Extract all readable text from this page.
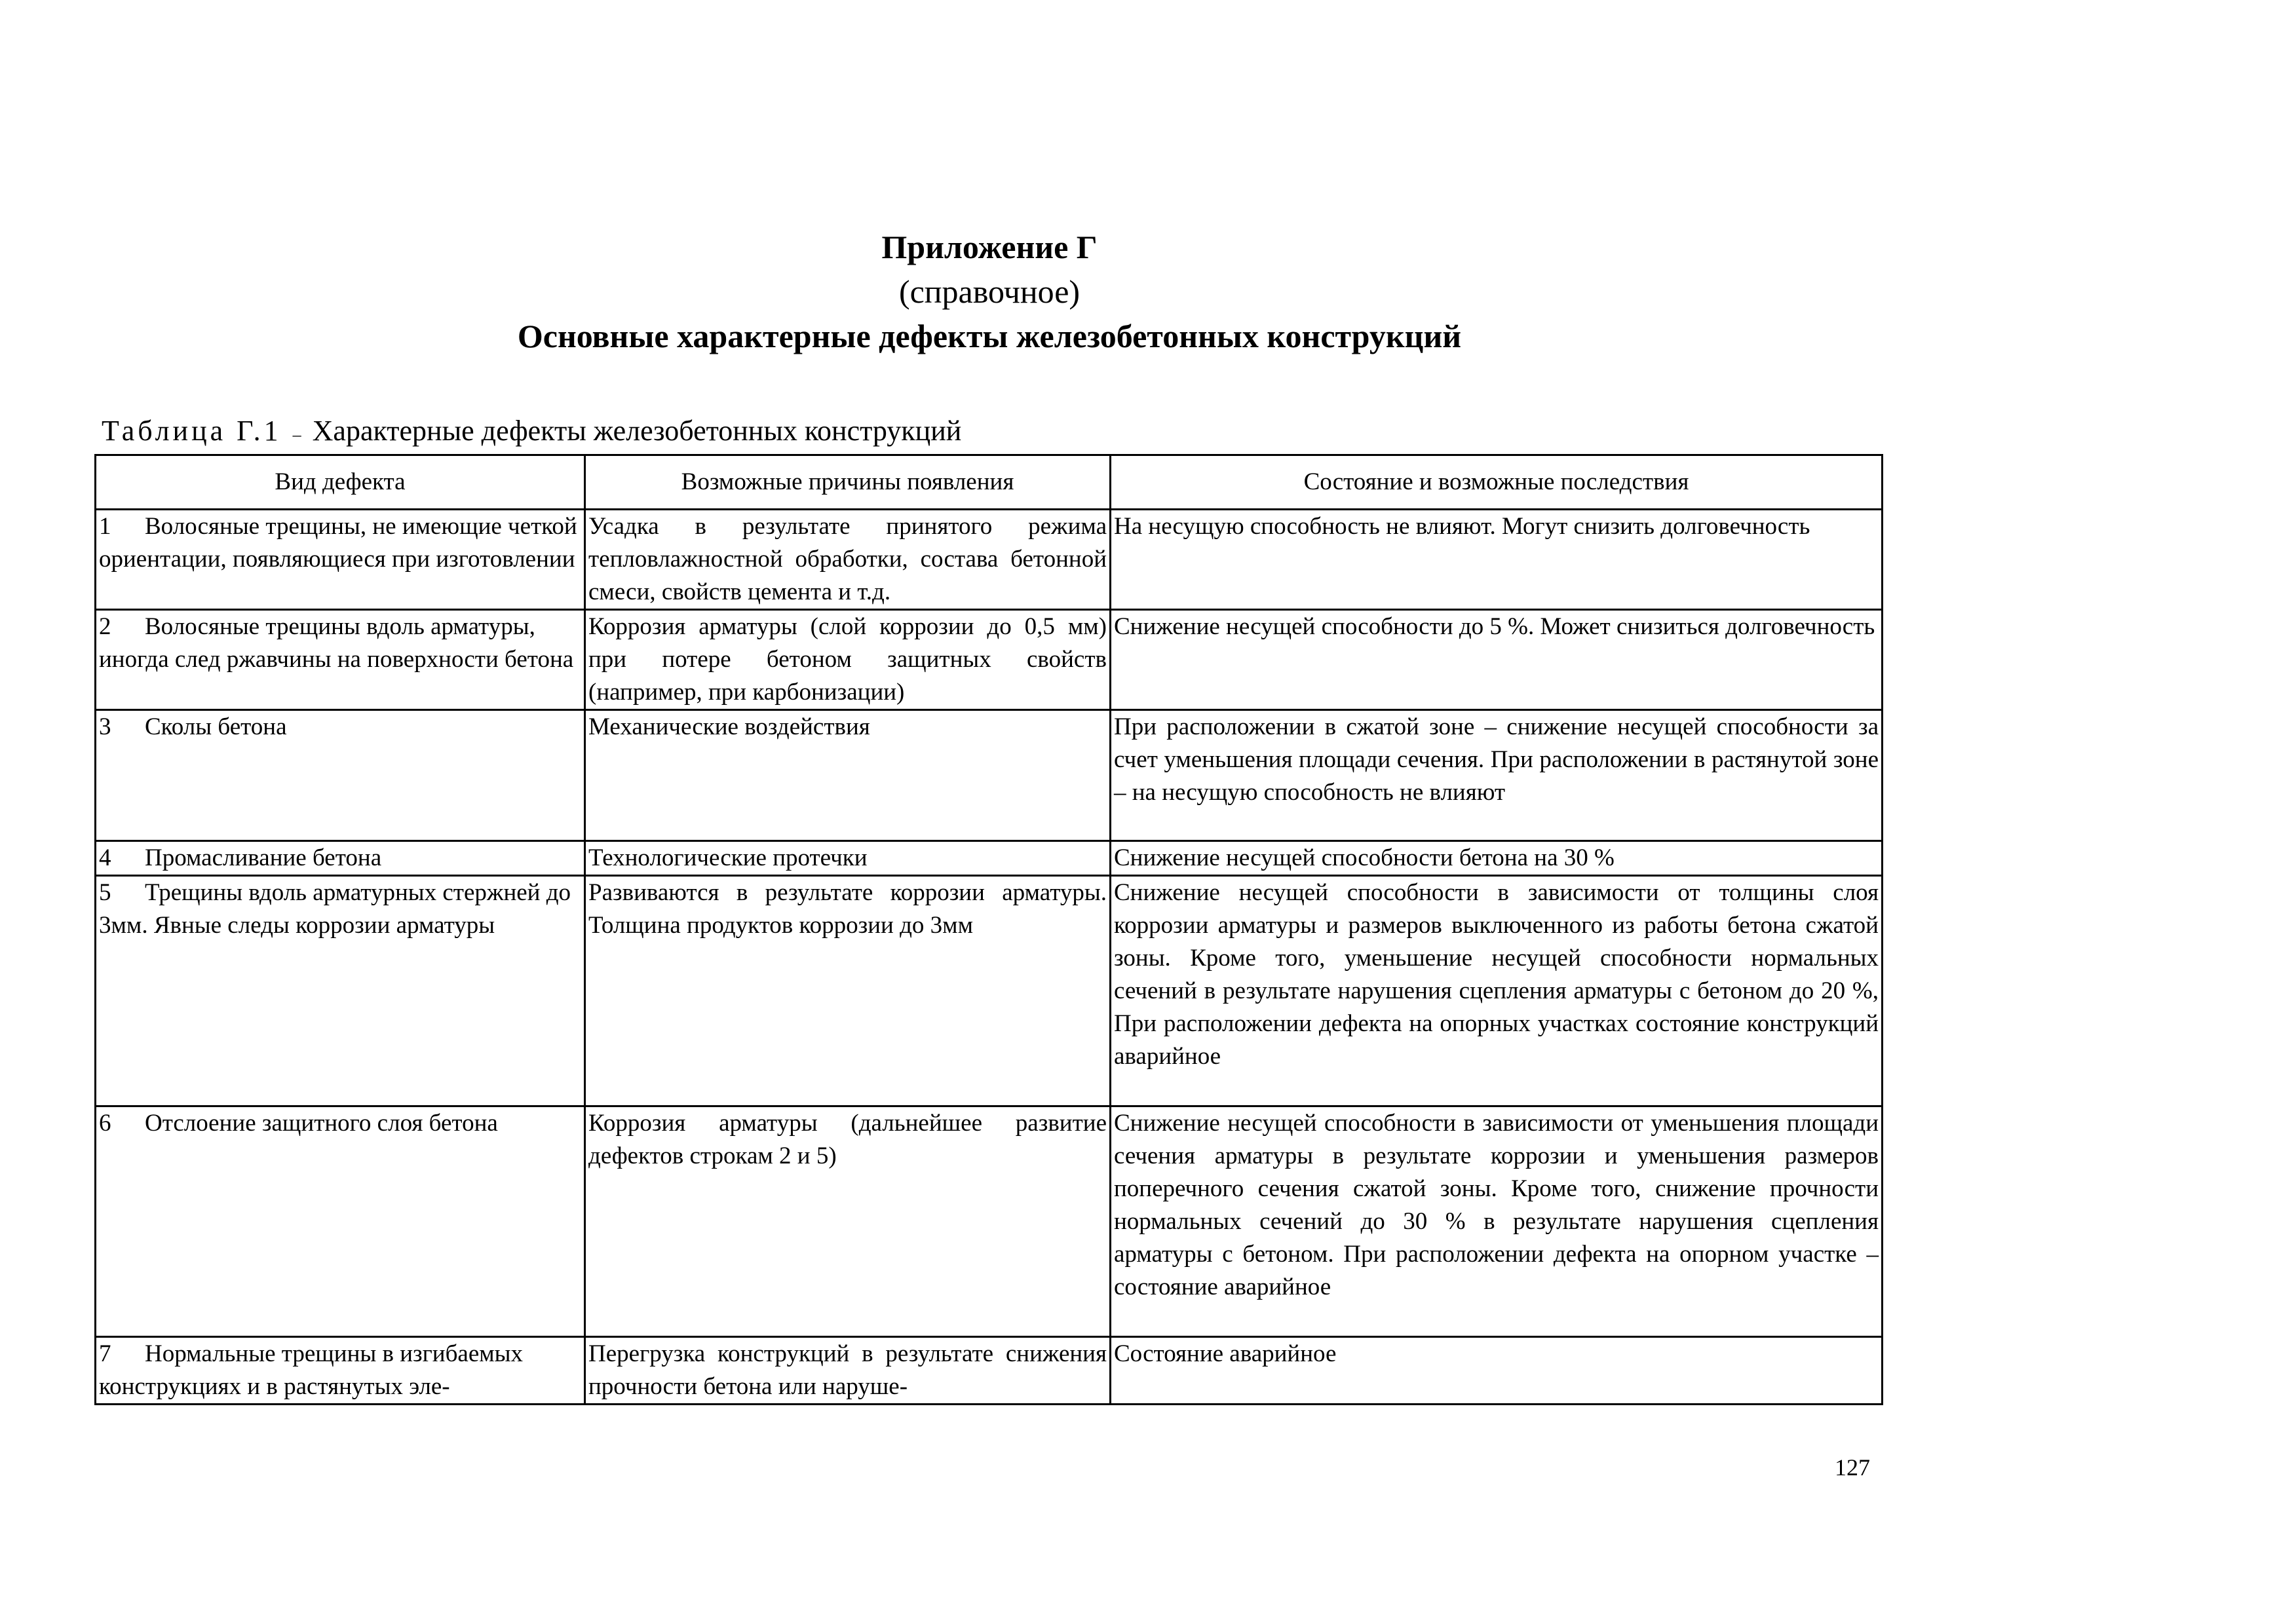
Приложение Г
(справочное)
Основные характерные дефекты железобетонных конструкций
Таблица Г.1 – Характерные дефекты железобетонных конструкций
Вид дефекта	Возможные причины появления	Состояние и возможные последствия
1 Волосяные трещины, не имеющие четкой ориентации, появляющиеся при изготовлении	Усадка в результате принятого режима тепловлажностной обработки, состава бетонной смеси, свойств цемента и т.д.	На несущую способность не влияют. Могут снизить долговечность
2 Волосяные трещины вдоль арматуры, иногда след ржавчины на поверхности бетона	Коррозия арматуры (слой коррозии до 0,5 мм) при потере бетоном защитных свойств (например, при карбонизации)	Снижение несущей способности до 5 %. Может снизиться долговечность
3 Сколы бетона	Механические воздействия	При расположении в сжатой зоне – снижение несущей способности за счет уменьшения площади сечения. При расположении в растянутой зоне – на несущую способность не влияют
4 Промасливание бетона	Технологические протечки	Снижение несущей способности бетона на 30 %
5 Трещины вдоль арматурных стержней до 3мм. Явные следы коррозии арматуры	Развиваются в результате коррозии арматуры. Толщина продуктов коррозии до 3мм	Снижение несущей способности в зависимости от толщины слоя коррозии арматуры и размеров выключенного из работы бетона сжатой зоны. Кроме того, уменьшение несущей способности нормальных сечений в результате нарушения сцепления арматуры с бетоном до 20 %, При расположении дефекта на опорных участках состояние конструкций аварийное
6 Отслоение защитного слоя бетона	Коррозия арматуры (дальнейшее развитие дефектов строкам 2 и 5)	Снижение несущей способности в зависимости от уменьшения площади сечения арматуры в результате коррозии и уменьшения размеров поперечного сечения сжатой зоны. Кроме того, снижение прочности нормальных сечений до 30 % в результате нарушения сцепления арматуры с бетоном. При расположении дефекта на опорном участке – состояние аварийное
7 Нормальные трещины в изгибаемых конструкциях и в растянутых эле-	Перегрузка конструкций в результате снижения прочности бетона или наруше-	Состояние аварийное
127
